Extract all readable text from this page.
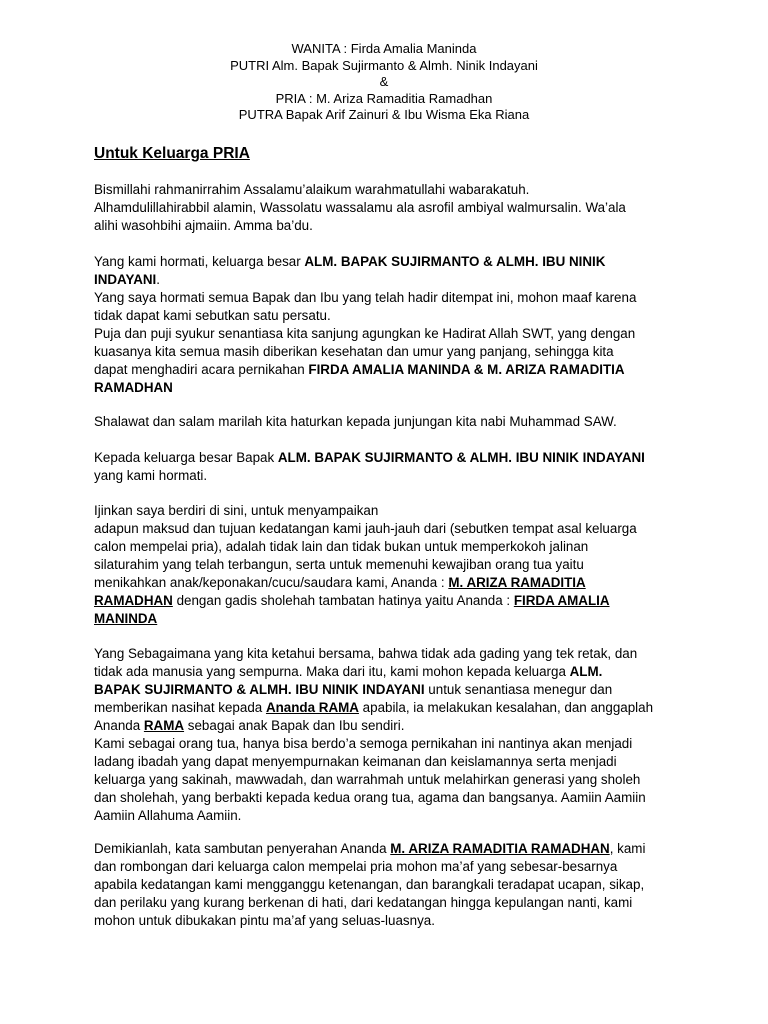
WANITA : Firda Amalia Maninda
PUTRI Alm. Bapak Sujirmanto & Almh. Ninik Indayani
&
PRIA : M. Ariza Ramaditia Ramadhan
PUTRA Bapak Arif Zainuri & Ibu Wisma Eka Riana
Untuk Keluarga PRIA
Bismillahi rahmanirrahim Assalamu’alaikum warahmatullahi wabarakatuh.
Alhamdulillahirabbil alamin, Wassolatu wassalamu ala asrofil ambiyal walmursalin. Wa’ala
alihi wasohbihi ajmaiin. Amma ba’du.
Yang kami hormati, keluarga besar ALM. BAPAK SUJIRMANTO & ALMH. IBU NINIK
INDAYANI.
Yang saya hormati semua Bapak dan Ibu yang telah hadir ditempat ini, mohon maaf karena
tidak dapat kami sebutkan satu persatu.
Puja dan puji syukur senantiasa kita sanjung agungkan ke Hadirat Allah SWT, yang dengan
kuasanya kita semua masih diberikan kesehatan dan umur yang panjang, sehingga kita
dapat menghadiri acara pernikahan FIRDA AMALIA MANINDA & M. ARIZA RAMADITIA
RAMADHAN
Shalawat dan salam marilah kita haturkan kepada junjungan kita nabi Muhammad SAW.
Kepada keluarga besar Bapak ALM. BAPAK SUJIRMANTO & ALMH. IBU NINIK INDAYANI
yang kami hormati.
Ijinkan saya berdiri di sini, untuk menyampaikan
adapun maksud dan tujuan kedatangan kami jauh-jauh dari (sebutken tempat asal keluarga
calon mempelai pria), adalah tidak lain dan tidak bukan untuk memperkokoh jalinan
silaturahim yang telah terbangun, serta untuk memenuhi kewajiban orang tua yaitu
menikahkan anak/keponakan/cucu/saudara kami, Ananda : M. ARIZA RAMADITIA
RAMADHAN dengan gadis sholehah tambatan hatinya yaitu Ananda : FIRDA AMALIA
MANINDA
Yang Sebagaimana yang kita ketahui bersama, bahwa tidak ada gading yang tek retak, dan
tidak ada manusia yang sempurna. Maka dari itu, kami mohon kepada keluarga ALM.
BAPAK SUJIRMANTO & ALMH. IBU NINIK INDAYANI untuk senantiasa menegur dan
memberikan nasihat kepada Ananda RAMA apabila, ia melakukan kesalahan, dan anggaplah
Ananda RAMA sebagai anak Bapak dan Ibu sendiri.
Kami sebagai orang tua, hanya bisa berdo’a semoga pernikahan ini nantinya akan menjadi
ladang ibadah yang dapat menyempurnakan keimanan dan keislamannya serta menjadi
keluarga yang sakinah, mawwadah, dan warrahmah untuk melahirkan generasi yang sholeh
dan sholehah, yang berbakti kepada kedua orang tua, agama dan bangsanya. Aamiin Aamiin
Aamiin Allahuma Aamiin.
Demikianlah, kata sambutan penyerahan Ananda M. ARIZA RAMADITIA RAMADHAN, kami
dan rombongan dari keluarga calon mempelai pria mohon ma’af yang sebesar-besarnya
apabila kedatangan kami mengganggu ketenangan, dan barangkali teradapat ucapan, sikap,
dan perilaku yang kurang berkenan di hati, dari kedatangan hingga kepulangan nanti, kami
mohon untuk dibukakan pintu ma’af yang seluas-luasnya.
